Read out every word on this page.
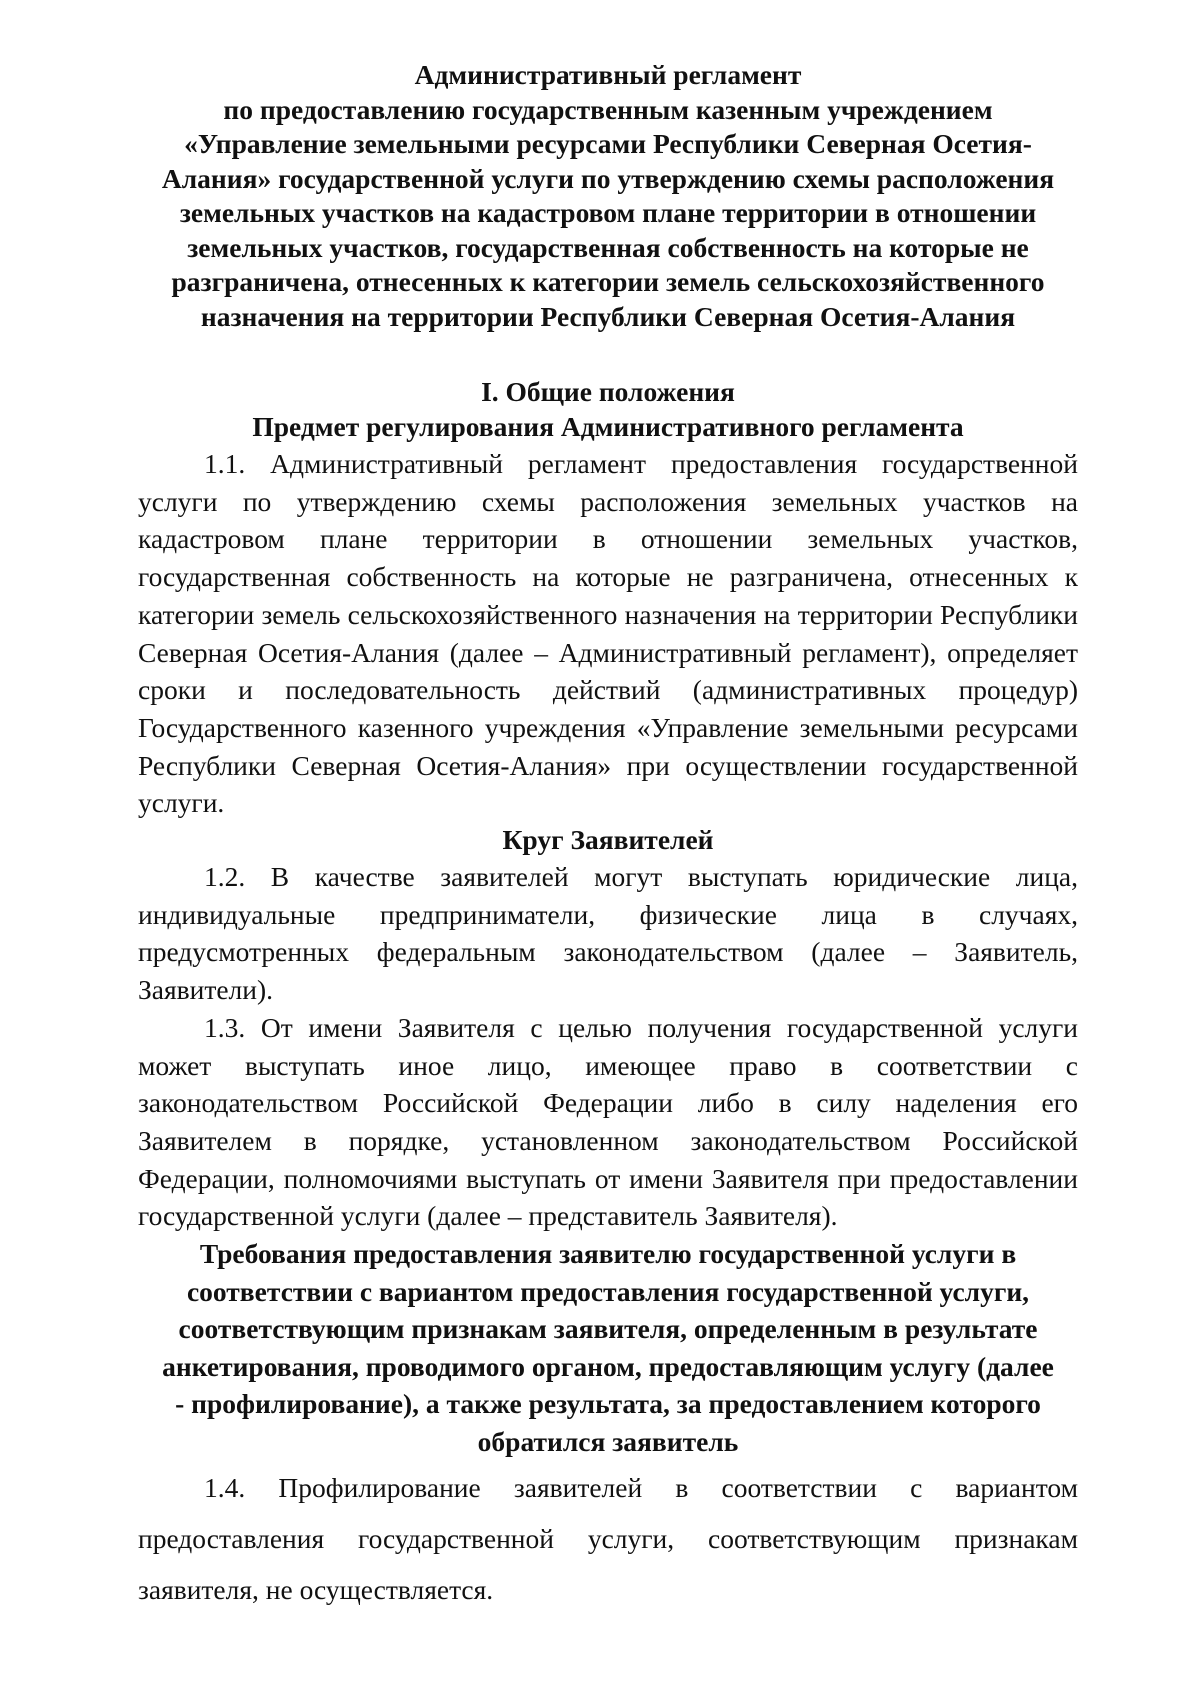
Административный регламент
по предоставлению государственным казенным учреждением
«Управление земельными ресурсами Республики Северная Осетия-
Алания» государственной услуги по утверждению схемы расположения
земельных участков на кадастровом плане территории в отношении
земельных участков, государственная собственность на которые не
разграничена, отнесенных к категории земель сельскохозяйственного
назначения на территории Республики Северная Осетия-Алания
I. Общие положения
Предмет регулирования Административного регламента

1.1. Административный регламент предоставления государственной услуги по утверждению схемы расположения земельных участков на кадастровом плане территории в отношении земельных участков, государственная собственность на которые не разграничена, отнесенных к категории земель сельскохозяйственного назначения на территории Республики Северная Осетия-Алания (далее – Административный регламент), определяет сроки и последовательность действий (административных процедур) Государственного казенного учреждения «Управление земельными ресурсами Республики Северная Осетия-Алания» при осуществлении государственной услуги.

Круг Заявителей

1.2. В качестве заявителей могут выступать юридические лица, индивидуальные предприниматели, физические лица в случаях, предусмотренных федеральным законодательством (далее – Заявитель, Заявители).

1.3. От имени Заявителя с целью получения государственной услуги может выступать иное лицо, имеющее право в соответствии с законодательством Российской Федерации либо в силу наделения его Заявителем в порядке, установленном законодательством Российской Федерации, полномочиями выступать от имени Заявителя при предоставлении государственной услуги (далее – представитель Заявителя).

Требования предоставления заявителю государственной услуги в
соответствии с вариантом предоставления государственной услуги,
соответствующим признакам заявителя, определенным в результате
анкетирования, проводимого органом, предоставляющим услугу (далее
- профилирование), а также результата, за предоставлением которого
обратился заявитель

1.4. Профилирование заявителей в соответствии с вариантом предоставления государственной услуги, соответствующим признакам заявителя, не осуществляется.
